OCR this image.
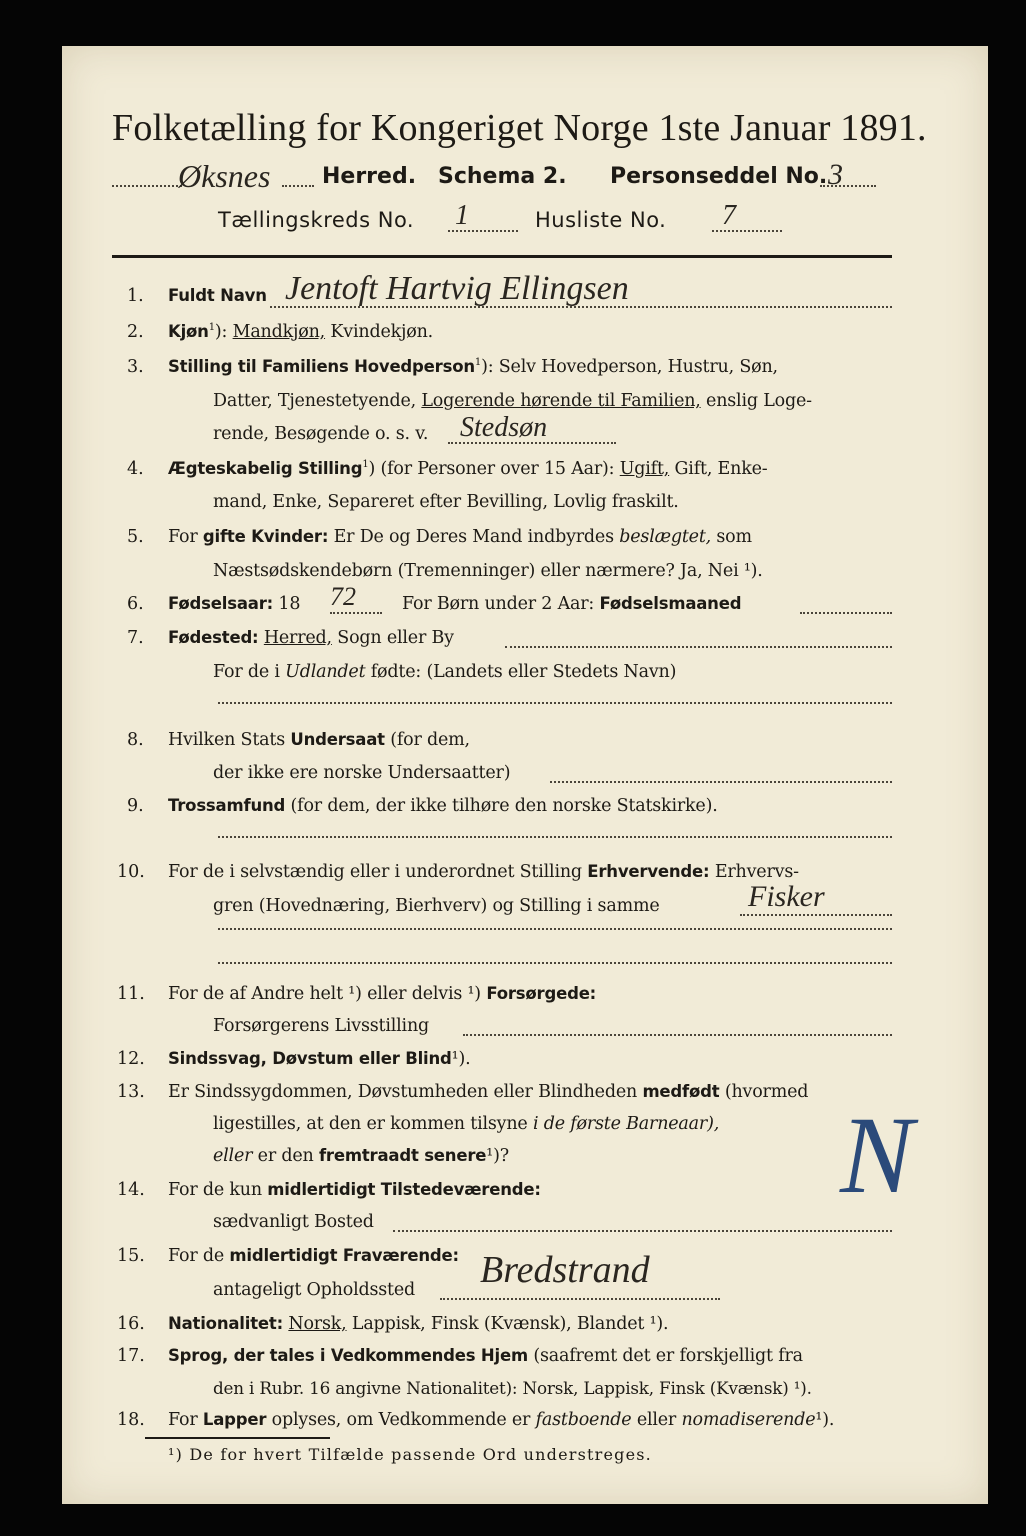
Folketælling for Kongeriget Norge 1ste Januar 1891.
Øksnes Herred. Schema 2. Personseddel No. 3
Tællingskreds No. 1	Husliste No. 7
1. Fuldt Navn Jentoft Hartvig Ellingsen
2. Kjøn$^1$): Mandkjøn, Kvindekjøn.
3. Stilling til Familiens Hovedperson$^1$): Selv Hovedperson, Hustru, Søn,
Datter, Tjenestetyende, Logerende hørende til Familien, enslig Loge-
rende, Besøgende o. s. v. Stedsøn
4. Ægteskabelig Stilling$^1$) (for Personer over 15 Aar): Ugift, Gift, Enke-
mand, Enke, Separeret efter Bevilling, Lovlig fraskilt.
5. For gifte Kvinder: Er De og Deres Mand indbyrdes beslægtet, som
Næstsødskendebørn (Tremenninger) eller nærmere? Ja, Nei ¹).
6. Fødselsaar: 18 72	For Børn under 2 Aar: Fødselsmaaned
7. Fødested: Herred, Sogn eller By
For de i Udlandet fødte: (Landets eller Stedets Navn)
8. Hvilken Stats Undersaat (for dem,
der ikke ere norske Undersaatter)
9. Trossamfund (for dem, der ikke tilhøre den norske Statskirke).
10. For de i selvstændig eller i underordnet Stilling Erhvervende: Erhvervs-
gren (Hovednæring, Bierhverv) og Stilling i samme	Fisker
11. For de af Andre helt ¹) eller delvis ¹) Forsørgede:
Forsørgerens Livsstilling
12. Sindssvag, Døvstum eller Blind¹).
13. Er Sindssygdommen, Døvstumheden eller Blindheden medfødt (hvormed
ligestilles, at den er kommen tilsyne i de første Barneaar),
eller er den fremtraadt senere¹)?	N
14. For de kun midlertidigt Tilstedeværende:
sædvanligt Bosted
15. For de midlertidigt Fraværende:
antageligt Opholdssted Bredstrand
16. Nationalitet: Norsk, Lappisk, Finsk (Kvænsk), Blandet ¹).
17. Sprog, der tales i Vedkommendes Hjem (saafremt det er forskjelligt fra
den i Rubr. 16 angivne Nationalitet): Norsk, Lappisk, Finsk (Kvænsk) ¹).
18. For Lapper oplyses, om Vedkommende er fastboende eller nomadiserende¹).
¹) De for hvert Tilfælde passende Ord understreges.
